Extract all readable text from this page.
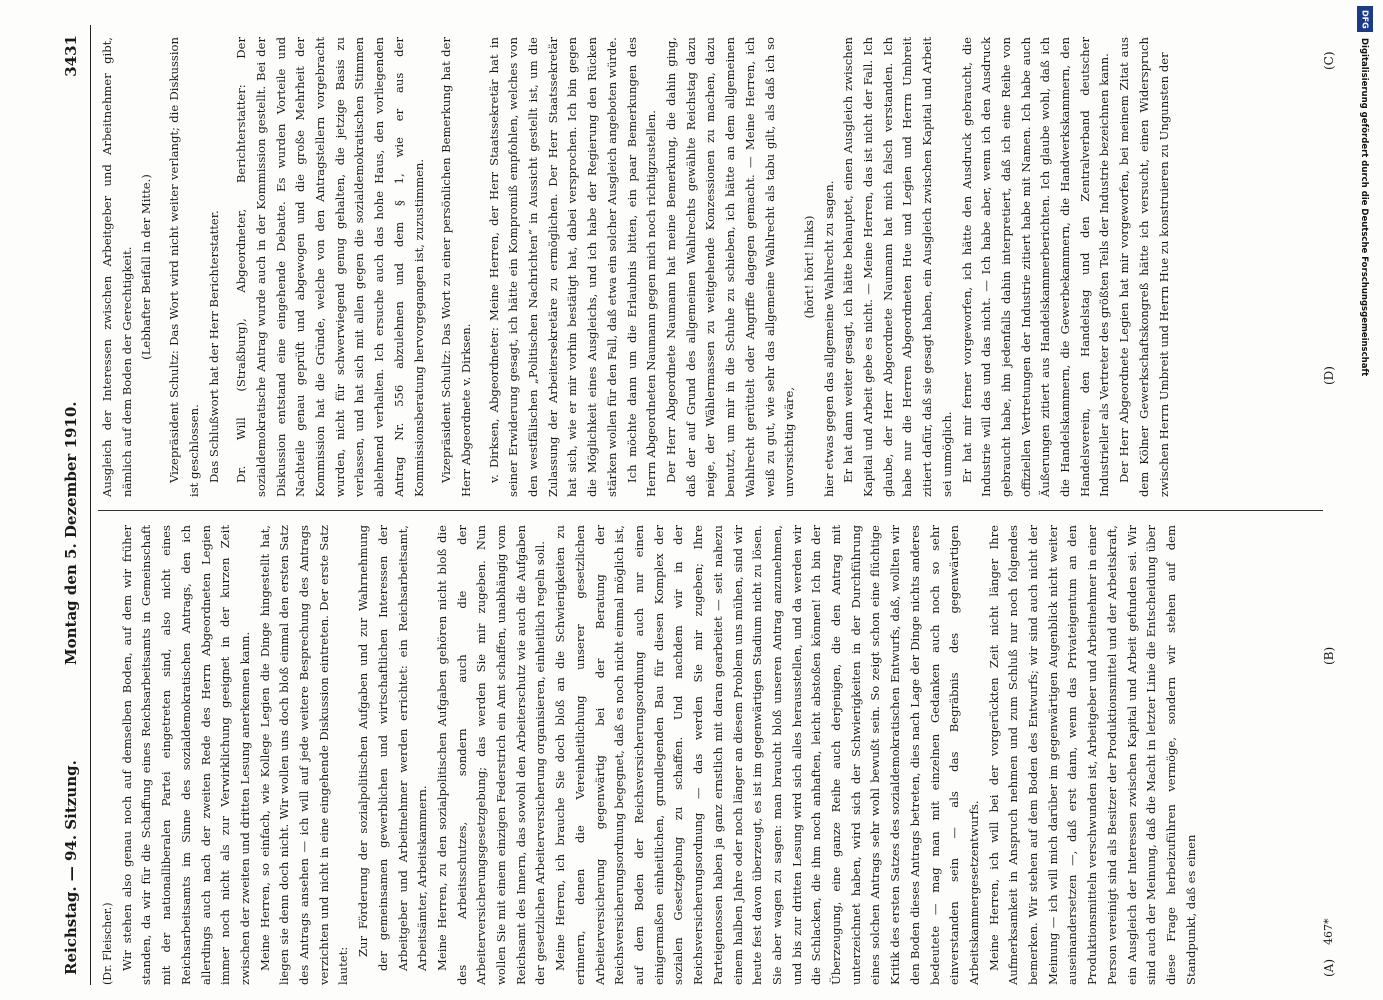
Reichstag. — 94. Sitzung.
Montag den 5. Dezember 1910.
3431

(Dr. Fleischer.) Wir stehen also genau noch auf demselben Boden, auf dem wir früher standen, da wir für die Schaffung eines Reichsarbeitsamts in Gemeinschaft mit der nationalliberalen Partei eingetreten sind, also nicht eines Reichsarbeitsamts im Sinne des sozialdemokratischen Antrags, den ich allerdings auch nach der zweiten Rede des Herrn Abgeordneten Legien immer noch nicht als zur Verwirklichung geeignet in der kurzen Zeit zwischen der zweiten und dritten Lesung anerkennen kann. Meine Herren, so einfach, wie Kollege Legien die Dinge hingestellt hat, liegen sie denn doch nicht. Wir wollen uns doch bloß einmal den ersten Satz des Antrags ansehen — ich will auf jede weitere Besprechung des Antrags verzichten und nicht in eine eingehende Diskussion eintreten. Der erste Satz lautet:

Zur Förderung der sozialpolitischen Aufgaben und zur Wahrnehmung der gemeinsamen gewerblichen und wirtschaftlichen Interessen der Arbeitgeber und Arbeitnehmer werden errichtet: ein Reichsarbeitsamt, Arbeitsämter, Arbeitskammern. Meine Herren, zu den sozialpolitischen Aufgaben gehören nicht bloß die des Arbeitsschutzes, sondern auch die der Arbeiterversicherungsgesetzgebung; das werden Sie mir zugeben. Nun wollen Sie mit einem einzigen Federstrich ein Amt schaffen, unabhängig vom Reichsamt des Innern, das sowohl den Arbeiterschutz wie auch die Aufgaben der gesetzlichen Arbeiterversicherung organisieren, einheitlich regeln soll. Meine Herren, ich brauche Sie doch bloß an die Schwierigkeiten zu erinnern, denen die Vereinheitlichung unserer gesetzlichen Arbeiterversicherung gegenwärtig bei der Beratung der Reichsversicherungsordnung begegnet, daß es noch nicht einmal möglich ist, auf dem Boden der Reichsversicherungsordnung auch nur einen einigermaßen einheitlichen, grundlegenden Bau für diesen Komplex der sozialen Gesetzgebung zu schaffen. Und nachdem wir in der Reichsversicherungsordnung — das werden Sie mir zugeben; Ihre Parteigenossen haben ja ganz ernstlich mit daran gearbeitet — seit nahezu einem halben Jahre oder noch länger an diesem Problem uns mühen, sind wir heute fest davon überzeugt, es ist im gegenwärtigen Stadium nicht zu lösen. Sie aber wagen zu sagen: man braucht bloß unseren Antrag anzunehmen, und bis zur dritten Lesung wird sich alles herausstellen, und da werden wir die Schlacken, die ihm noch anhaften, leicht abstoßen können! Ich bin der Überzeugung, eine ganze Reihe auch derjenigen, die den Antrag mit unterzeichnet haben, wird sich der Schwierigkeiten in der Durchführung eines solchen Antrags sehr wohl bewußt sein. So zeigt schon eine flüchtige Kritik des ersten Satzes des sozialdemokratischen Entwurfs, daß, wollten wir den Boden dieses Antrags betreten, dies nach Lage der Dinge nichts anderes bedeutete — mag man mit einzelnen Gedanken auch noch so sehr einverstanden sein — als das Begräbnis des gegenwärtigen Arbeitskammergesetzentwurfs. Meine Herren, ich will bei der vorgerückten Zeit nicht länger Ihre Aufmerksamkeit in Anspruch nehmen und zum Schluß nur noch folgendes bemerken. Wir stehen auf dem Boden des Entwurfs; wir sind auch nicht der Meinung — ich will mich darüber im gegenwärtigen Augenblick nicht weiter auseinandersetzen —, daß erst dann, wenn das Privateigentum an den Produktionsmitteln verschwunden ist, Arbeitgeber und Arbeitnehmer in einer Person vereinigt sind als Besitzer der Produktionsmittel und der Arbeitskraft, ein Ausgleich der Interessen zwischen Kapital und Arbeit gefunden sei. Wir sind auch der Meinung, daß die Macht in letzter Linie die Entscheidung über diese Frage herbeizuführen vermöge, sondern wir stehen auf dem Standpunkt, daß es einen

Ausgleich der Interessen zwischen Arbeitgeber und Arbeitnehmer gibt, nämlich auf dem Boden der Gerechtigkeit. (Lebhafter Beifall in der Mitte.)	Vizepräsident Schultz: Das Wort wird nicht weiter verlangt; die Diskussion ist geschlossen. Das Schlußwort hat der Herr Berichterstatter.	Dr. Will (Straßburg), Abgeordneter, Berichterstatter: Der sozialdemokratische Antrag wurde auch in der Kommission gestellt. Bei der Diskussion entstand eine eingehende Debatte. Es wurden Vorteile und Nachteile genau geprüft und abgewogen und die große Mehrheit der Kommission hat die Gründe, welche von den Antragstellern vorgebracht wurden, nicht für schwerwiegend genug gehalten, die jetzige Basis zu verlassen, und hat sich mit allen gegen die sozialdemokratischen Stimmen ablehnend verhalten. Ich ersuche auch das hohe Haus, den vorliegenden Antrag Nr. 556 abzulehnen und dem § 1, wie er aus der Kommissionsberatung hervorgegangen ist, zuzustimmen.	Vizepräsident Schultz: Das Wort zu einer persönlichen Bemerkung hat der Herr Abgeordnete v. Dirksen.	v. Dirksen, Abgeordneter: Meine Herren, der Herr Staatssekretär hat in seiner Erwiderung gesagt, ich hätte ein Kompromiß empfohlen, welches von den westfälischen „Politischen Nachrichten“ in Aussicht gestellt ist, um die Zulassung der Arbeitersekretäre zu ermöglichen. Der Herr Staatssekretär hat sich, wie er mir vorhin bestätigt hat, dabei versprochen. Ich bin gegen die Möglichkeit eines Ausgleichs, und ich habe der Regierung den Rücken stärken wollen für den Fall, daß etwa ein solcher Ausgleich angeboten würde. Ich möchte dann um die Erlaubnis bitten, ein paar Bemerkungen des Herrn Abgeordneten Naumann gegen mich noch richtigzustellen. Der Herr Abgeordnete Naumann hat meine Bemerkung, die dahin ging, daß der auf Grund des allgemeinen Wahlrechts gewählte Reichstag dazu neige, der Wählermassen zu weitgehende Konzessionen zu machen, dazu benutzt, um mir in die Schuhe zu schieben, ich hätte an dem allgemeinen Wahlrecht gerüttelt oder Angriffe dagegen gemacht. — Meine Herren, ich weiß zu gut, wie sehr das allgemeine Wahlrecht als tabu gilt, als daß ich so unvorsichtig wäre,

(hört! hört! links) hier etwas gegen das allgemeine Wahlrecht zu sagen. Er hat dann weiter gesagt, ich hätte behauptet, einen Ausgleich zwischen Kapital und Arbeit gebe es nicht. — Meine Herren, das ist nicht der Fall. Ich glaube, der Herr Abgeordnete Naumann hat mich falsch verstanden. Ich habe nur die Herren Abgeordneten Hue und Legien und Herrn Umbreit zitiert dafür, daß sie gesagt haben, ein Ausgleich zwischen Kapital und Arbeit sei unmöglich. Er hat mir ferner vorgeworfen, ich hätte den Ausdruck gebraucht, die Industrie will das und das nicht. — Ich habe aber, wenn ich den Ausdruck gebraucht habe, ihn jedenfalls dahin interpretiert, daß ich eine Reihe von offiziellen Vertretungen der Industrie zitiert habe mit Namen. Ich habe auch Äußerungen zitiert aus Handelskammerberichten. Ich glaube wohl, daß ich die Handelskammern, die Gewerbekammern, die Handwerkskammern, den Handelsverein, den Handelstag und den Zentralverband deutscher Industrieller als Vertreter des größten Teils der Industrie bezeichnen kann. Der Herr Abgeordnete Legien hat mir vorgeworfen, bei meinem Zitat aus dem Kölner Gewerkschaftskongreß hätte ich versucht, einen Widerspruch zwischen Herrn Umbreit und Herrn Hue zu konstruieren zu Ungunsten der

(A)
(B)
(C)
(D)
467*
DFG
Digitalisierung gefördert durch die Deutsche Forschungsgemeinschaft
